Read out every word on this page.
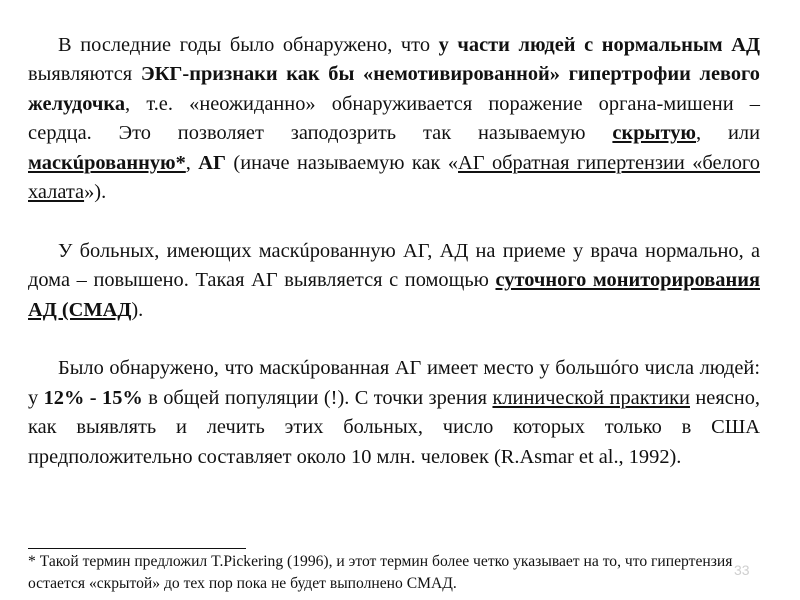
В последние годы было обнаружено, что у части людей с нормальным АД выявляются ЭКГ-признаки как бы «немотивированной» гипертрофии левого желудочка, т.е. «неожиданно» обнаруживается поражение органа-мишени – сердца. Это позволяет заподозрить так называемую скрытую, или маскúрованную*, АГ (иначе называемую как «АГ обратная гипертензии «белого халата»).

У больных, имеющих маскúрованную АГ, АД на приеме у врача нормально, а дома – повышено. Такая АГ выявляется с помощью суточного мониторирования АД (СМАД).

Было обнаружено, что маскúрованная АГ имеет место у большóго числа людей: у 12% - 15% в общей популяции (!). С точки зрения клинической практики неясно, как выявлять и лечить этих больных, число которых только в США предположительно составляет около 10 млн. человек (R.Asmar et al., 1992).

* Такой термин предложил T.Pickering (1996), и этот термин более четко указывает на то, что гипертензия остается «скрытой» до тех пор пока не будет выполнено СМАД.

33
